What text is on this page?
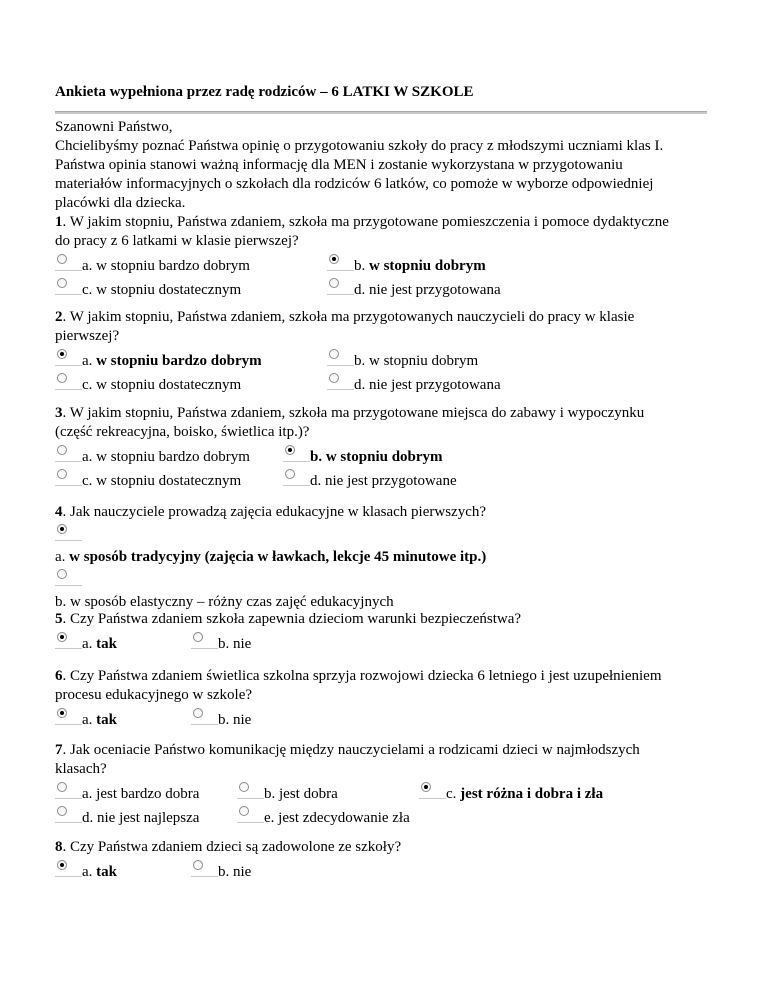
Ankieta wypełniona przez radę rodziców – 6 LATKI W SZKOLE

Szanowni Państwo,

Chcielibyśmy poznać Państwa opinię o przygotowaniu szkoły do pracy z młodszymi uczniami klas I.

Państwa opinia stanowi ważną informację dla MEN i zostanie wykorzystana w przygotowaniu

materiałów informacyjnych o szkołach dla rodziców 6 latków, co pomoże w wyborze odpowiedniej

placówki dla dziecka.

1. W jakim stopniu, Państwa zdaniem, szkoła ma przygotowane pomieszczenia i pomoce dydaktyczne
do pracy z 6 latkami w klasie pierwszej?
a. w stopniu bardzo dobrym	b. w stopniu dobrym
c. w stopniu dostatecznym	d. nie jest przygotowana
2. W jakim stopniu, Państwa zdaniem, szkoła ma przygotowanych nauczycieli do pracy w klasie
pierwszej?
a. w stopniu bardzo dobrym	b. w stopniu dobrym
c. w stopniu dostatecznym	d. nie jest przygotowana
3. W jakim stopniu, Państwa zdaniem, szkoła ma przygotowane miejsca do zabawy i wypoczynku
(część rekreacyjna, boisko, świetlica itp.)?
a. w stopniu bardzo dobrym	b. w stopniu dobrym
c. w stopniu dostatecznym	d. nie jest przygotowane
4. Jak nauczyciele prowadzą zajęcia edukacyjne w klasach pierwszych?
a. w sposób tradycyjny (zajęcia w ławkach, lekcje 45 minutowe itp.)
b. w sposób elastyczny – różny czas zajęć edukacyjnych
5. Czy Państwa zdaniem szkoła zapewnia dzieciom warunki bezpieczeństwa?
a. tak	b. nie
6. Czy Państwa zdaniem świetlica szkolna sprzyja rozwojowi dziecka 6 letniego i jest uzupełnieniem
procesu edukacyjnego w szkole?
a. tak	b. nie
7. Jak oceniacie Państwo komunikację między nauczycielami a rodzicami dzieci w najmłodszych
klasach?
a. jest bardzo dobra	b. jest dobra	c. jest różna i dobra i zła
d. nie jest najlepsza	e. jest zdecydowanie zła
8. Czy Państwa zdaniem dzieci są zadowolone ze szkoły?
a. tak	b. nie
